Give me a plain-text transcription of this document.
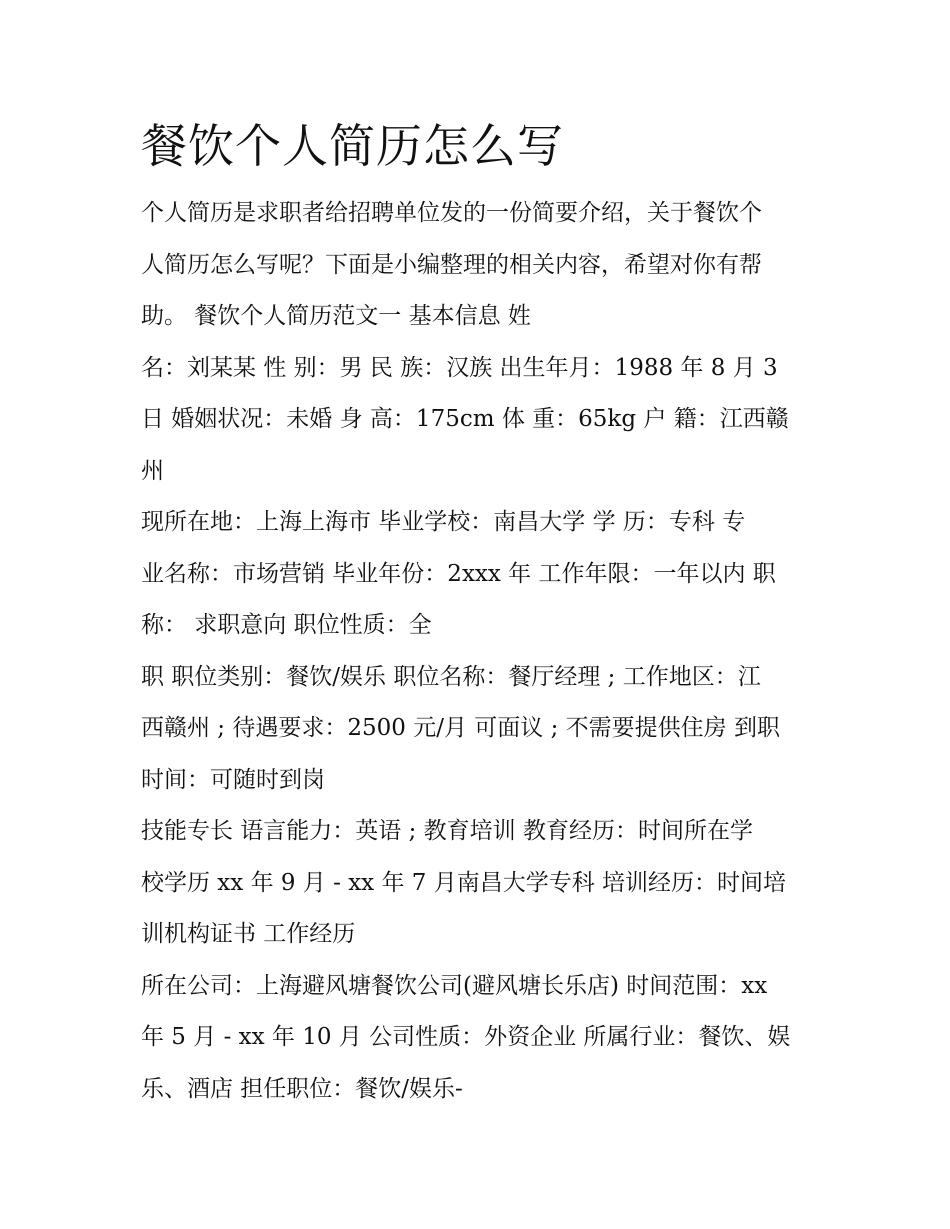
餐饮个人简历怎么写
个人简历是求职者给招聘单位发的一份简要介绍，关于餐饮个
人简历怎么写呢？下面是小编整理的相关内容，希望对你有帮
助。 餐饮个人简历范文一 基本信息 姓
名：刘某某 性 别：男 民 族：汉族 出生年月：1988 年 8 月 3
日 婚姻状况：未婚 身 高：175cm 体 重：65kg 户 籍：江西赣
州
现所在地：上海上海市 毕业学校：南昌大学 学 历：专科 专
业名称：市场营销 毕业年份：2xxx 年 工作年限：一年以内 职
称： 求职意向 职位性质：全
职 职位类别：餐饮/娱乐 职位名称：餐厅经理 ; 工作地区：江
西赣州 ; 待遇要求：2500 元/月 可面议 ; 不需要提供住房 到职
时间：可随时到岗
技能专长 语言能力：英语 ; 教育培训 教育经历：时间所在学
校学历 xx 年 9 月 - xx 年 7 月南昌大学专科 培训经历：时间培
训机构证书 工作经历
所在公司：上海避风塘餐饮公司(避风塘长乐店) 时间范围：xx
年 5 月 - xx 年 10 月 公司性质：外资企业 所属行业：餐饮、娱
乐、酒店 担任职位：餐饮/娱乐-
